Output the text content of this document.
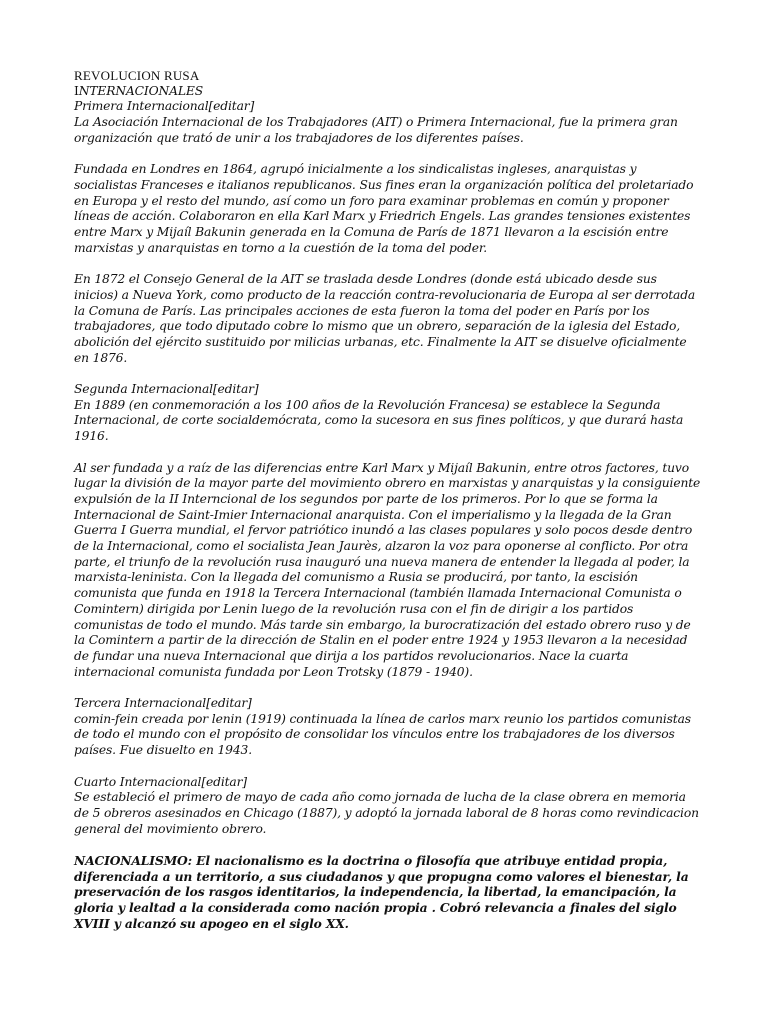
REVOLUCION RUSA
INTERNACIONALES
Primera Internacional[editar]
La Asociación Internacional de los Trabajadores (AIT) o Primera Internacional, fue la primera gran organización que trató de unir a los trabajadores de los diferentes países.
Fundada en Londres en 1864, agrupó inicialmente a los sindicalistas ingleses, anarquistas y socialistas Franceses e italianos republicanos. Sus fines eran la organización política del proletariado en Europa y el resto del mundo, así como un foro para examinar problemas en común y proponer líneas de acción. Colaboraron en ella Karl Marx y Friedrich Engels. Las grandes tensiones existentes entre Marx y Mijaíl Bakunin generada en la Comuna de París de 1871 llevaron a la escisión entre marxistas y anarquistas en torno a la cuestión de la toma del poder.
En 1872 el Consejo General de la AIT se traslada desde Londres (donde está ubicado desde sus inicios) a Nueva York, como producto de la reacción contra-revolucionaria de Europa al ser derrotada la Comuna de París. Las principales acciones de esta fueron la toma del poder en París por los trabajadores, que todo diputado cobre lo mismo que un obrero, separación de la iglesia del Estado, abolición del ejército sustituido por milicias urbanas, etc. Finalmente la AIT se disuelve oficialmente en 1876.
Segunda Internacional[editar]
En 1889 (en conmemoración a los 100 años de la Revolución Francesa) se establece la Segunda Internacional, de corte socialdemócrata, como la sucesora en sus fines políticos, y que durará hasta 1916.
Al ser fundada y a raíz de las diferencias entre Karl Marx y Mijaíl Bakunin, entre otros factores, tuvo lugar la división de la mayor parte del movimiento obrero en marxistas y anarquistas y la consiguiente expulsión de la II Interncional de los segundos por parte de los primeros. Por lo que se forma la Internacional de Saint-Imier Internacional anarquista. Con el imperialismo y la llegada de la Gran Guerra I Guerra mundial, el fervor patriótico inundó a las clases populares y solo pocos desde dentro de la Internacional, como el socialista Jean Jaurès, alzaron la voz para oponerse al conflicto. Por otra parte, el triunfo de la revolución rusa inauguró una nueva manera de entender la llegada al poder, la marxista-leninista. Con la llegada del comunismo a Rusia se producirá, por tanto, la escisión comunista que funda en 1918 la Tercera Internacional (también llamada Internacional Comunista o Comintern) dirigida por Lenin luego de la revolución rusa con el fin de dirigir a los partidos comunistas de todo el mundo. Más tarde sin embargo, la burocratización del estado obrero ruso y de la Comintern a partir de la dirección de Stalin en el poder entre 1924 y 1953 llevaron a la necesidad de fundar una nueva Internacional que dirija a los partidos revolucionarios. Nace la cuarta internacional comunista fundada por Leon Trotsky (1879 - 1940).
Tercera Internacional[editar]
comin-fein creada por lenin (1919) continuada la línea de carlos marx reunio los partidos comunistas de todo el mundo con el propósito de consolidar los vínculos entre los trabajadores de los diversos países. Fue disuelto en 1943.
Cuarto Internacional[editar]
Se estableció el primero de mayo de cada año como jornada de lucha de la clase obrera en memoria de 5 obreros asesinados en Chicago (1887), y adoptó la jornada laboral de 8 horas como revindicacion general del movimiento obrero.
NACIONALISMO: El nacionalismo es la doctrina o filosofía que atribuye entidad propia, diferenciada a un territorio, a sus ciudadanos y que propugna como valores el bienestar, la preservación de los rasgos identitarios, la independencia, la libertad, la emancipación, la gloria y lealtad a la considerada como nación propia . Cobró relevancia a finales del siglo XVIII y alcanzó su apogeo en el siglo XX.
